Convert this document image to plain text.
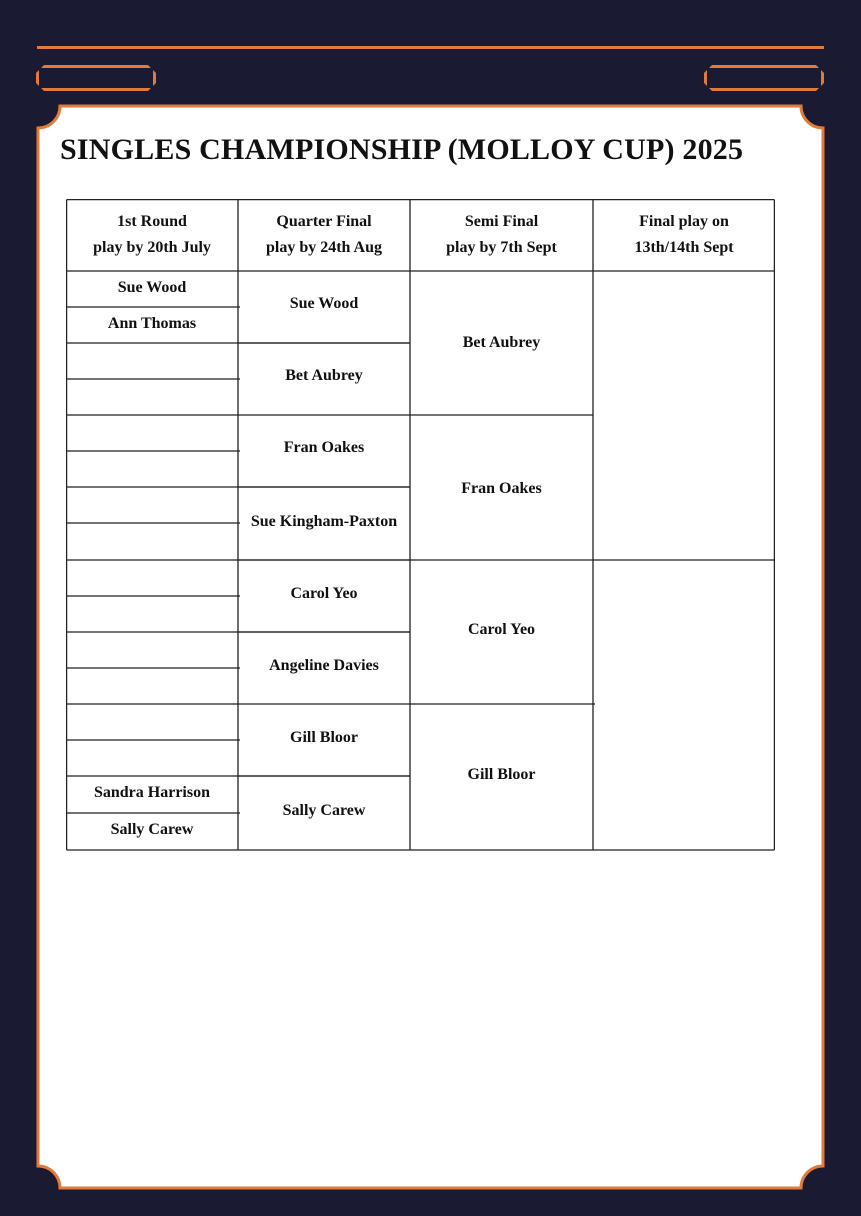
SINGLES CHAMPIONSHIP (MOLLOY CUP) 2025
1st Round
play by 20th July
Quarter Final
play by 24th Aug
Semi Final
play by 7th Sept
Final play on
13th/14th Sept
Sue Wood
Ann Thomas
Sandra Harrison
Sally Carew
Sue Wood
Bet Aubrey
Fran Oakes
Sue Kingham-Paxton
Carol Yeo
Angeline Davies
Gill Bloor
Sally Carew
Bet Aubrey
Fran Oakes
Carol Yeo
Gill Bloor
